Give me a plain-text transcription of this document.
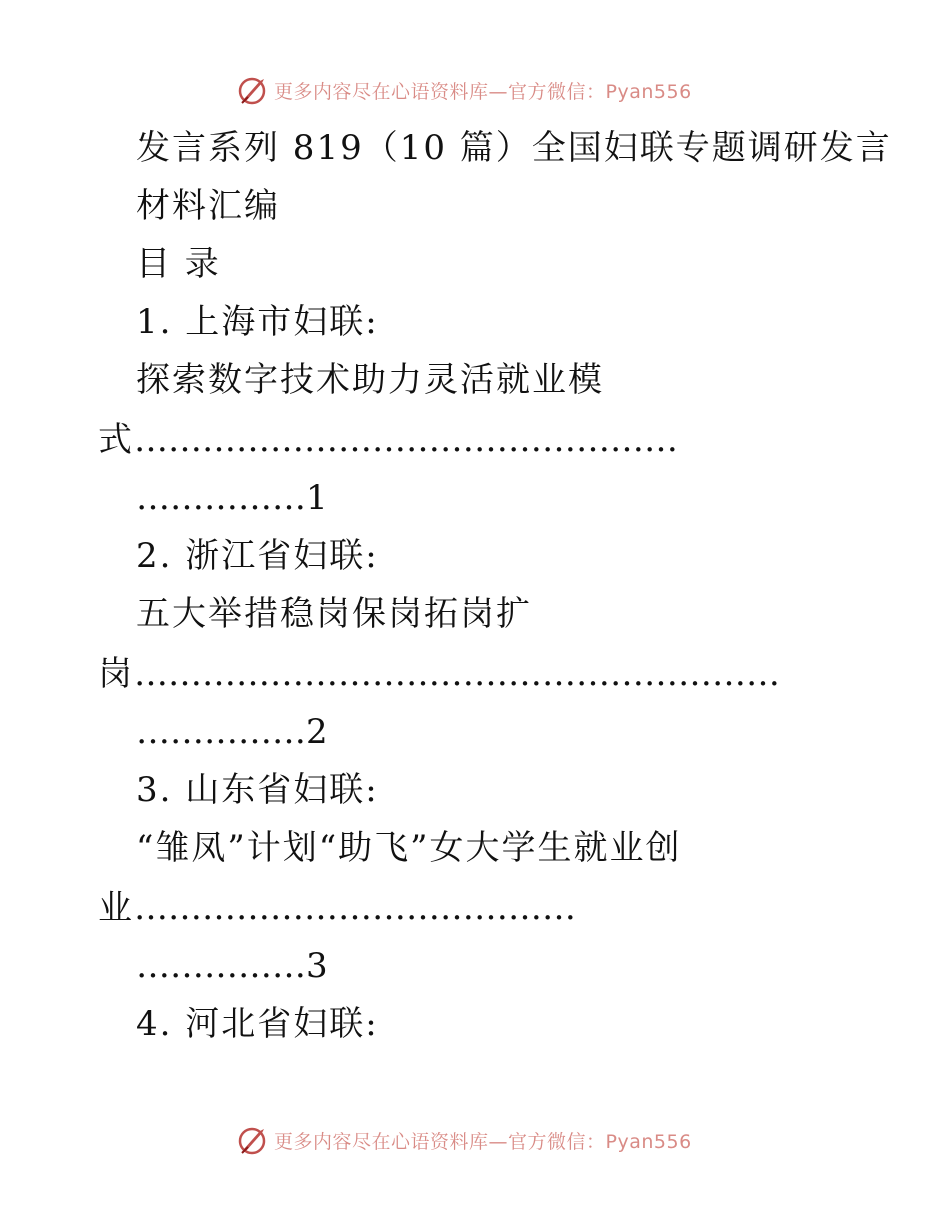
更多内容尽在心语资料库—官方微信：Pyan556
发言系列 819（10 篇）全国妇联专题调研发言
材料汇编
目 录
1. 上海市妇联:
探索数字技术助力灵活就业模
式…………………………………………
……………1
2. 浙江省妇联:
五大举措稳岗保岗拓岗扩
岗…………………………………………………
……………2
3. 山东省妇联:
“雏凤”计划“助飞”女大学生就业创
业…………………………………
……………3
4. 河北省妇联:
更多内容尽在心语资料库—官方微信：Pyan556
